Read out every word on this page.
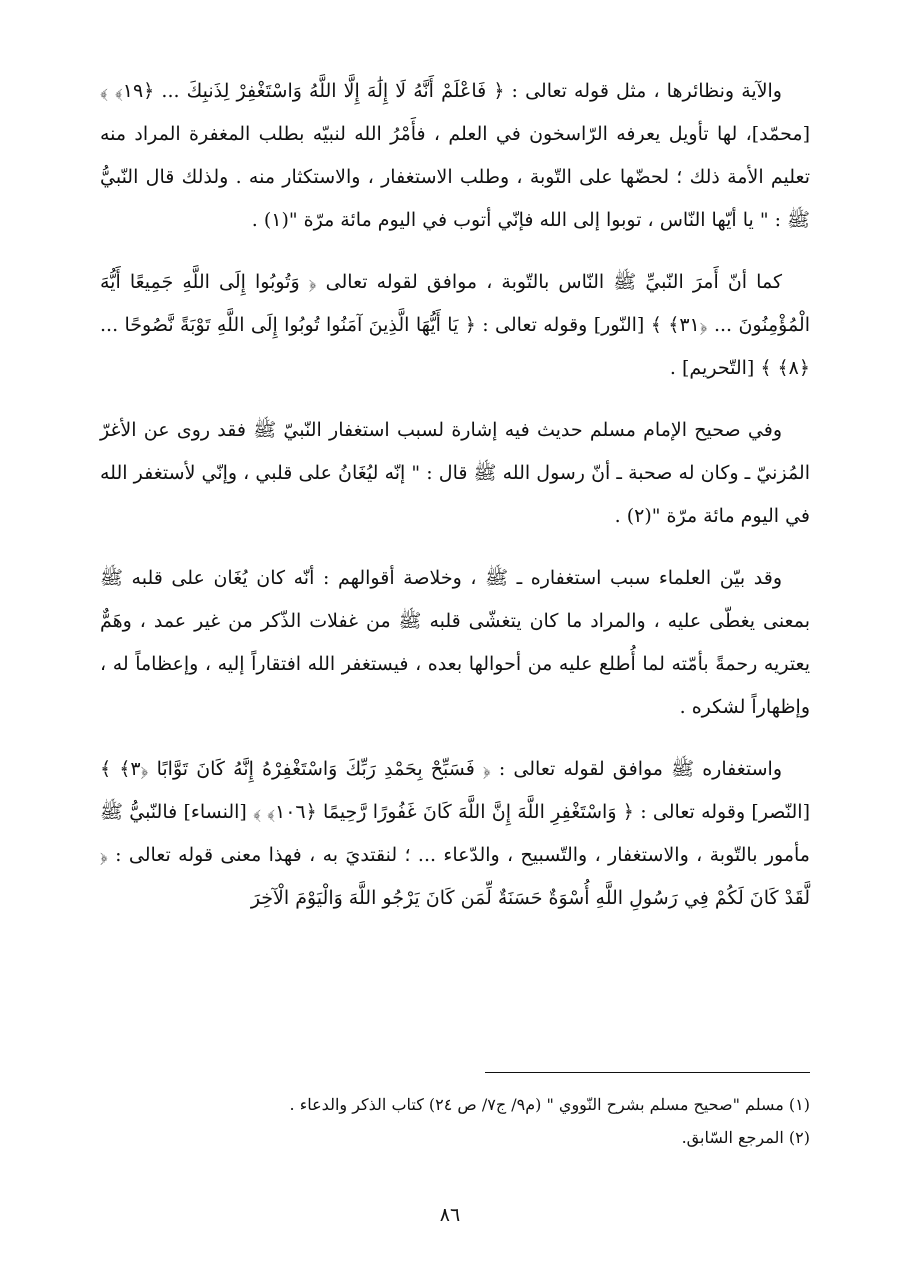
والآية ونظائرها ، مثل قوله تعالى : ﴿ فَاعْلَمْ أَنَّهُ لَا إِلَٰهَ إِلَّا اللَّهُ وَاسْتَغْفِرْ لِذَنبِكَ ... ﴿١٩﴾ ﴾ [محمّد]، لها تأويل يعرفه الرّاسخون في العلم ، فأَمْرُ الله لنبيّه بطلب المغفرة المراد منه تعليم الأمة ذلك ؛ لحضّها على التّوبة ، وطلب الاستغفار ، والاستكثار منه . ولذلك قال النّبيُّ ﷺ : " يا أيّها النّاس ، توبوا إلى الله فإنّي أتوب في اليوم مائة مرّة "(١) .

كما أنّ أَمرَ النّبيِّ ﷺ النّاس بالتّوبة ، موافق لقوله تعالى ﴿ وَتُوبُوا إِلَى اللَّهِ جَمِيعًا أَيُّهَ الْمُؤْمِنُونَ ... ﴿٣١﴾ ﴾ [النّور] وقوله تعالى : ﴿ يَا أَيُّهَا الَّذِينَ آمَنُوا تُوبُوا إِلَى اللَّهِ تَوْبَةً نَّصُوحًا ... ﴿٨﴾ ﴾ [التّحريم] .

وفي صحيح الإمام مسلم حديث فيه إشارة لسبب استغفار النّبيّ ﷺ فقد روى عن الأغرّ المُزنيّ ـ وكان له صحبة ـ أنّ رسول الله ﷺ قال : " إنّه ليُغَانُ على قلبي ، وإنّي لأستغفر الله في اليوم مائة مرّة "(٢) .

وقد بيّن العلماء سبب استغفاره ـ ﷺ ، وخلاصة أقوالهم : أنّه كان يُغَان على قلبه ﷺ بمعنى يغطّى عليه ، والمراد ما كان يتغشّى قلبه ﷺ من غفلات الذّكر من غير عمد ، وهَمٌّ يعتريه رحمةً بأمّته لما أُطلع عليه من أحوالها بعده ، فيستغفر الله افتقاراً إليه ، وإعظاماً له ، وإظهاراً لشكره .

واستغفاره ﷺ موافق لقوله تعالى : ﴿ فَسَبِّحْ بِحَمْدِ رَبِّكَ وَاسْتَغْفِرْهُ إِنَّهُ كَانَ تَوَّابًا ﴿٣﴾ ﴾ [النّصر] وقوله تعالى : ﴿ وَاسْتَغْفِرِ اللَّهَ إِنَّ اللَّهَ كَانَ غَفُورًا رَّحِيمًا ﴿١٠٦﴾ ﴾ [النساء] فالنّبيُّ ﷺ مأمور بالتّوبة ، والاستغفار ، والتّسبيح ، والدّعاء ... ؛ لنقتديَ به ، فهذا معنى قوله تعالى : ﴿ لَّقَدْ كَانَ لَكُمْ فِي رَسُولِ اللَّهِ أُسْوَةٌ حَسَنَةٌ لِّمَن كَانَ يَرْجُو اللَّهَ وَالْيَوْمَ الْآخِرَ

(١) مسلم "صحيح مسلم بشرح النّووي " (م٩/ ج٧/ ص ٢٤) كتاب الذكر والدعاء .

(٢) المرجع السّابق.

٨٦
